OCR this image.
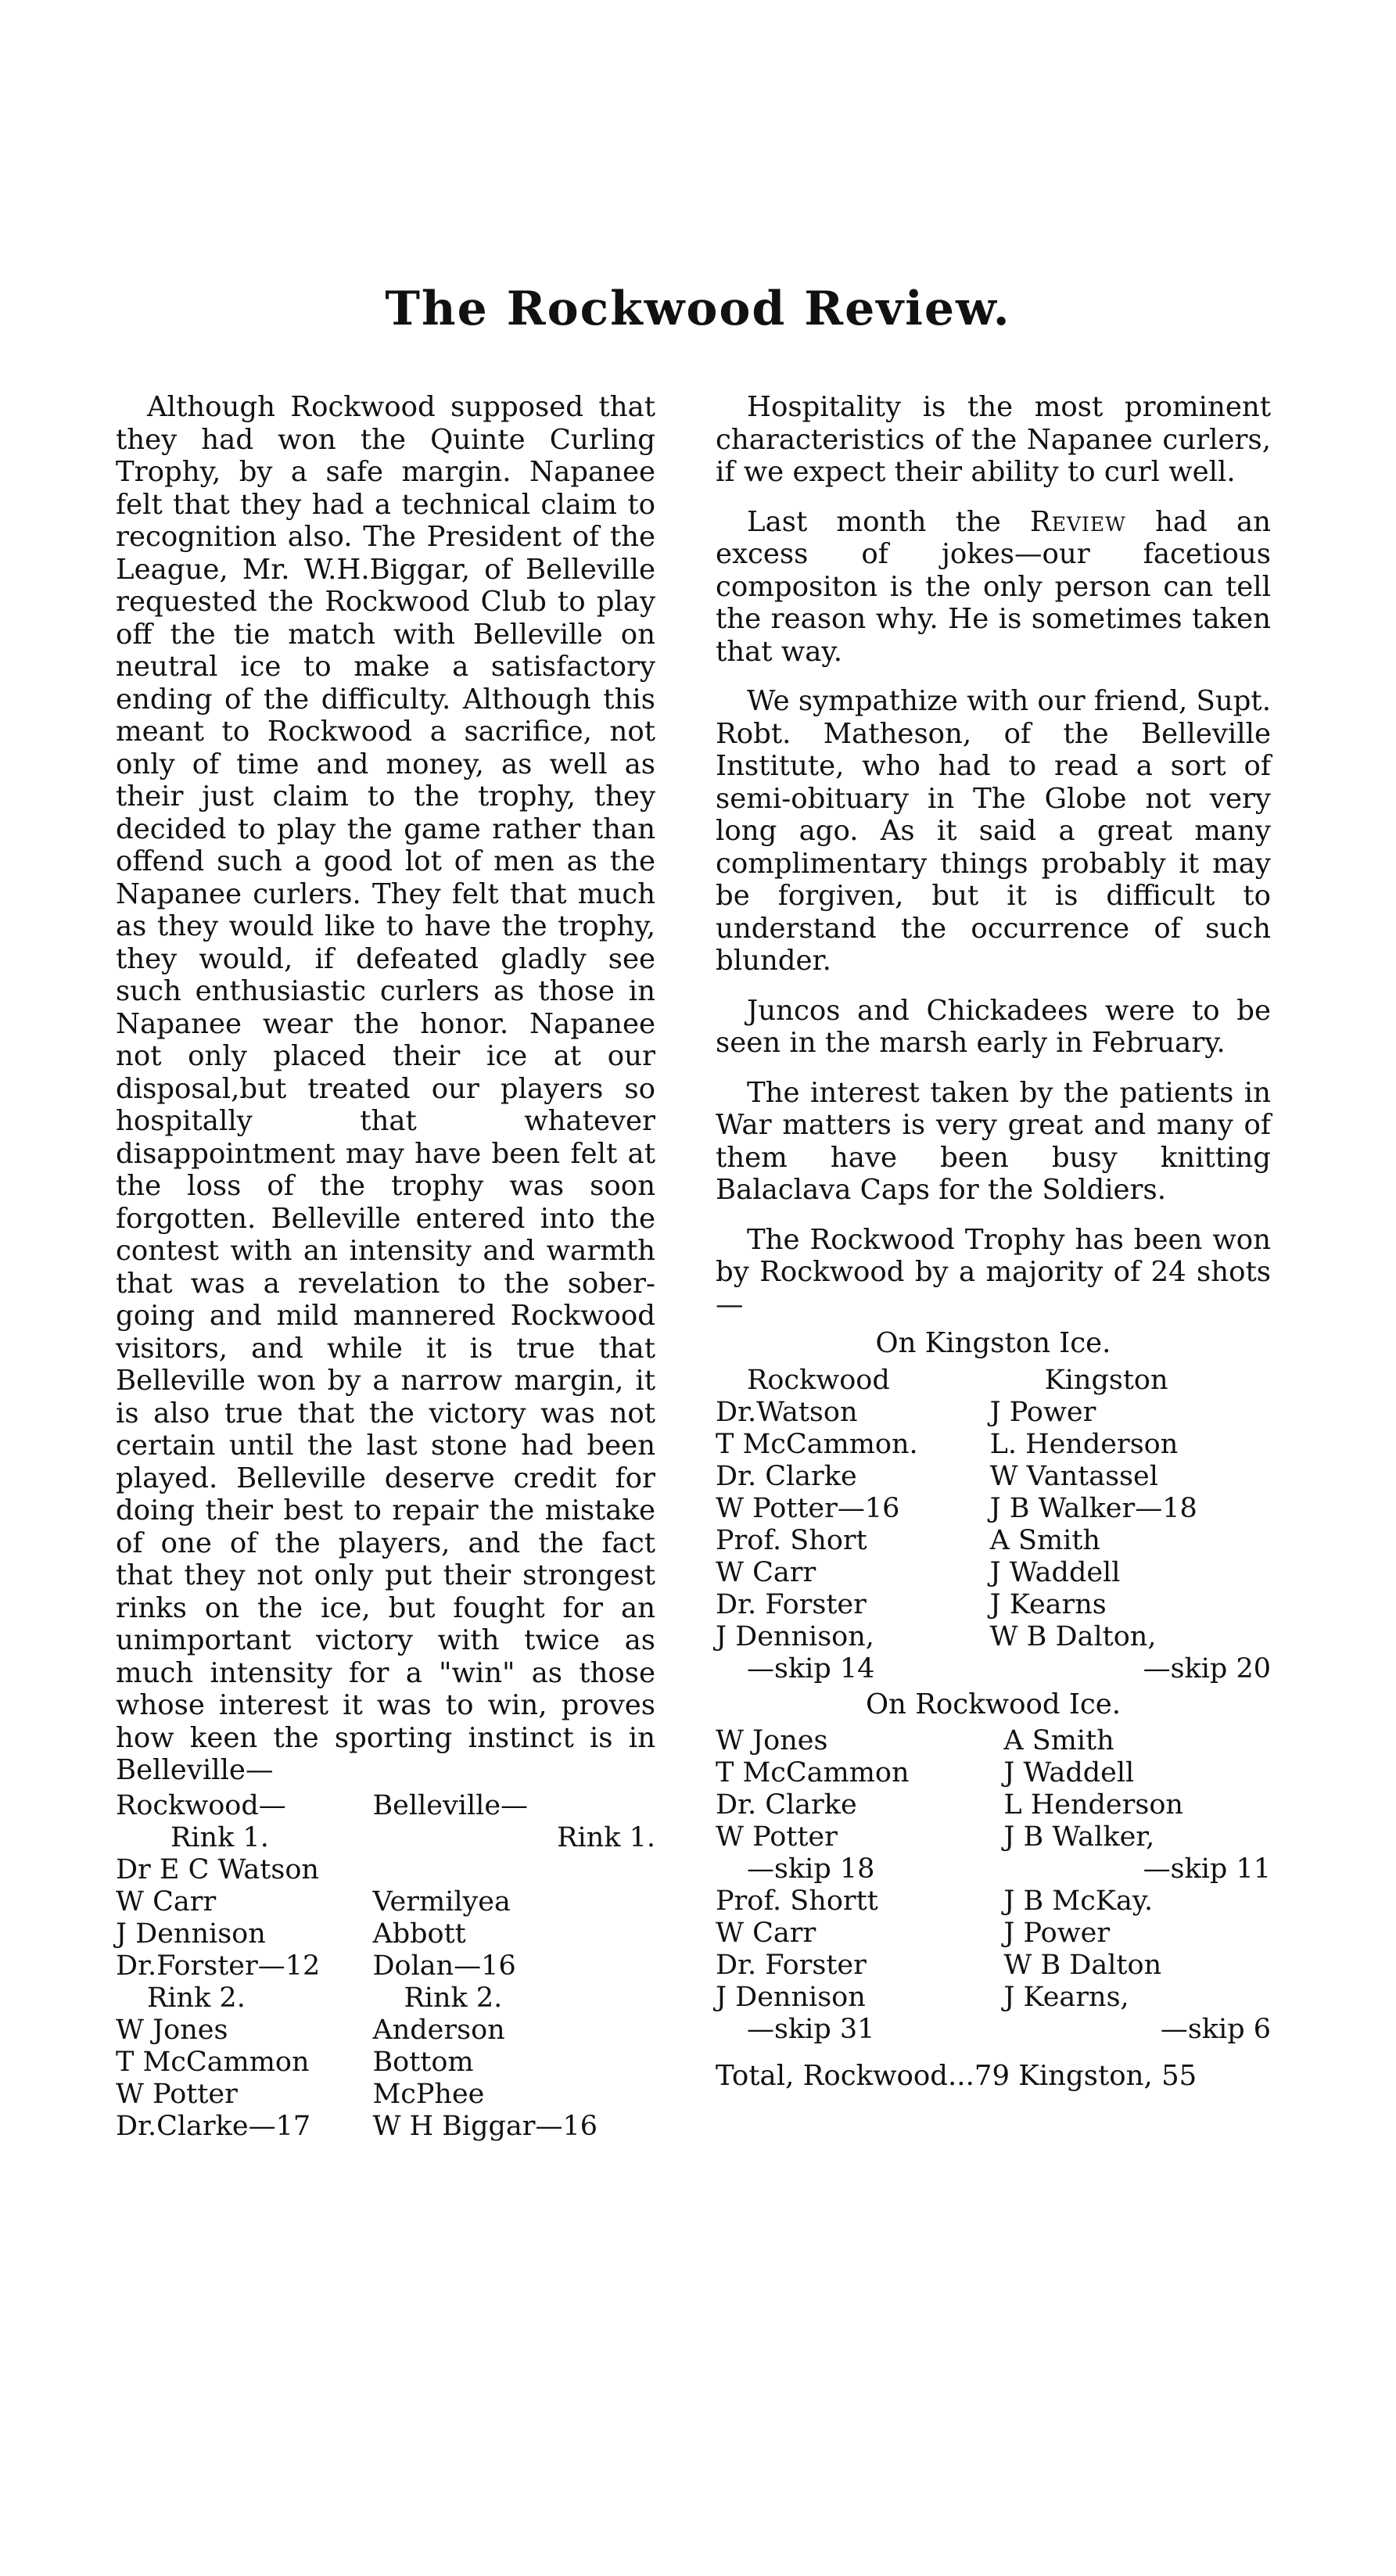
The Rockwood Review.

Although Rockwood supposed that they had won the Quinte Curling Trophy, by a safe margin. Napanee felt that they had a technical claim to recognition also. The President of the League, Mr. W.H.Biggar, of Belleville requested the Rockwood Club to play off the tie match with Belleville on neutral ice to make a satisfactory ending of the difficulty. Although this meant to Rockwood a sacrifice, not only of time and money, as well as their just claim to the trophy, they decided to play the game rather than offend such a good lot of men as the Napanee curlers. They felt that much as they would like to have the trophy, they would, if defeated gladly see such enthusiastic curlers as those in Napanee wear the honor. Napanee not only placed their ice at our disposal,but treated our players so hospitally that whatever disappointment may have been felt at the loss of the trophy was soon forgotten. Belleville entered into the contest with an intensity and warmth that was a revelation to the sober-going and mild mannered Rockwood visitors, and while it is true that Belleville won by a narrow margin, it is also true that the victory was not certain until the last stone had been played. Belleville deserve credit for doing their best to repair the mistake of one of the players, and the fact that they not only put their strongest rinks on the ice, but fought for an unimportant victory with twice as much intensity for a "win" as those whose interest it was to win, proves how keen the sporting instinct is in Belleville—

Rockwood—	Belleville—
Rink 1.	Rink 1.
Dr E C Watson	
W Carr	Vermilyea
J Dennison	Abbott
Dr.Forster—12	Dolan—16
Rink 2.	Rink 2.
W Jones	Anderson
T McCammon	Bottom
W Potter	McPhee
Dr.Clarke—17	W H Biggar—16

Hospitality is the most prominent characteristics of the Napanee curlers, if we expect their ability to curl well.

Last month the Review had an excess of jokes—our facetious compositon is the only person can tell the reason why. He is sometimes taken that way.

We sympathize with our friend, Supt. Robt. Matheson, of the Belleville Institute, who had to read a sort of semi-obituary in The Globe not very long ago. As it said a great many complimentary things probably it may be forgiven, but it is difficult to understand the occurrence of such blunder.

Juncos and Chickadees were to be seen in the marsh early in February.

The interest taken by the patients in War matters is very great and many of them have been busy knitting Balaclava Caps for the Soldiers.

The Rockwood Trophy has been won by Rockwood by a majority of 24 shots—

On Kingston Ice.
Rockwood	Kingston
Dr.Watson	J Power
T McCammon.	L. Henderson
Dr. Clarke	W Vantassel
W Potter—16	J B Walker—18
Prof. Short	A Smith
W Carr	J Waddell
Dr. Forster	J Kearns
J Dennison,	W B Dalton,
—skip 14	—skip 20
On Rockwood Ice.
W Jones	A Smith
T McCammon	J Waddell
Dr. Clarke	L Henderson
W Potter	J B Walker,
—skip 18	—skip 11
Prof. Shortt	J B McKay.
W Carr	J Power
Dr. Forster	W B Dalton
J Dennison	J Kearns,
—skip 31	—skip 6
Total, Rockwood...79 Kingston, 55
